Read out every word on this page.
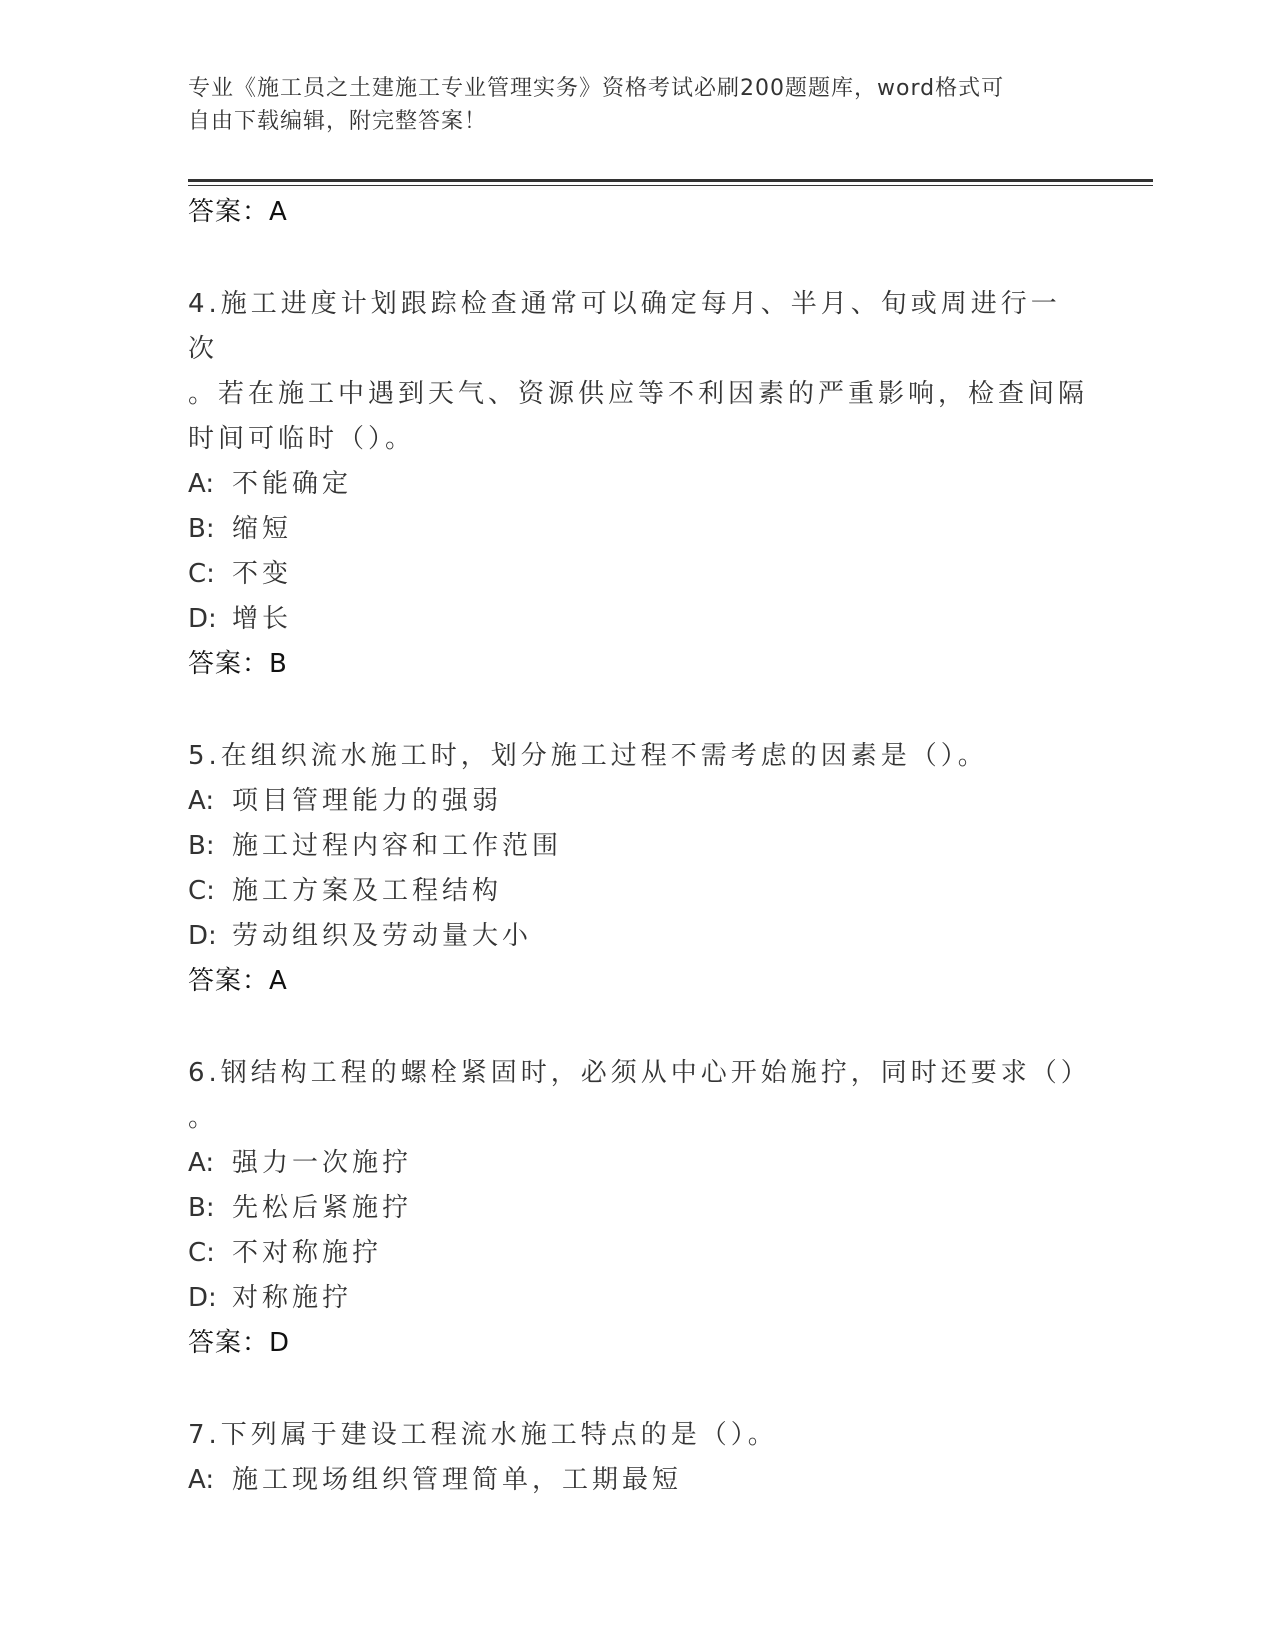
专业《施工员之土建施工专业管理实务》资格考试必刷200题题库，word格式可
自由下载编辑，附完整答案！

答案：A

4.施工进度计划跟踪检查通常可以确定每月、半月、旬或周进行一次

。若在施工中遇到天气、资源供应等不利因素的严重影响，检查间隔

时间可临时（）。

A: 不能确定

B: 缩短

C: 不变

D: 增长

答案：B

5.在组织流水施工时，划分施工过程不需考虑的因素是（）。

A: 项目管理能力的强弱

B: 施工过程内容和工作范围

C: 施工方案及工程结构

D: 劳动组织及劳动量大小

答案：A

6.钢结构工程的螺栓紧固时，必须从中心开始施拧，同时还要求（）

。

A: 强力一次施拧

B: 先松后紧施拧

C: 不对称施拧

D: 对称施拧

答案：D

7.下列属于建设工程流水施工特点的是（）。

A: 施工现场组织管理简单，工期最短
